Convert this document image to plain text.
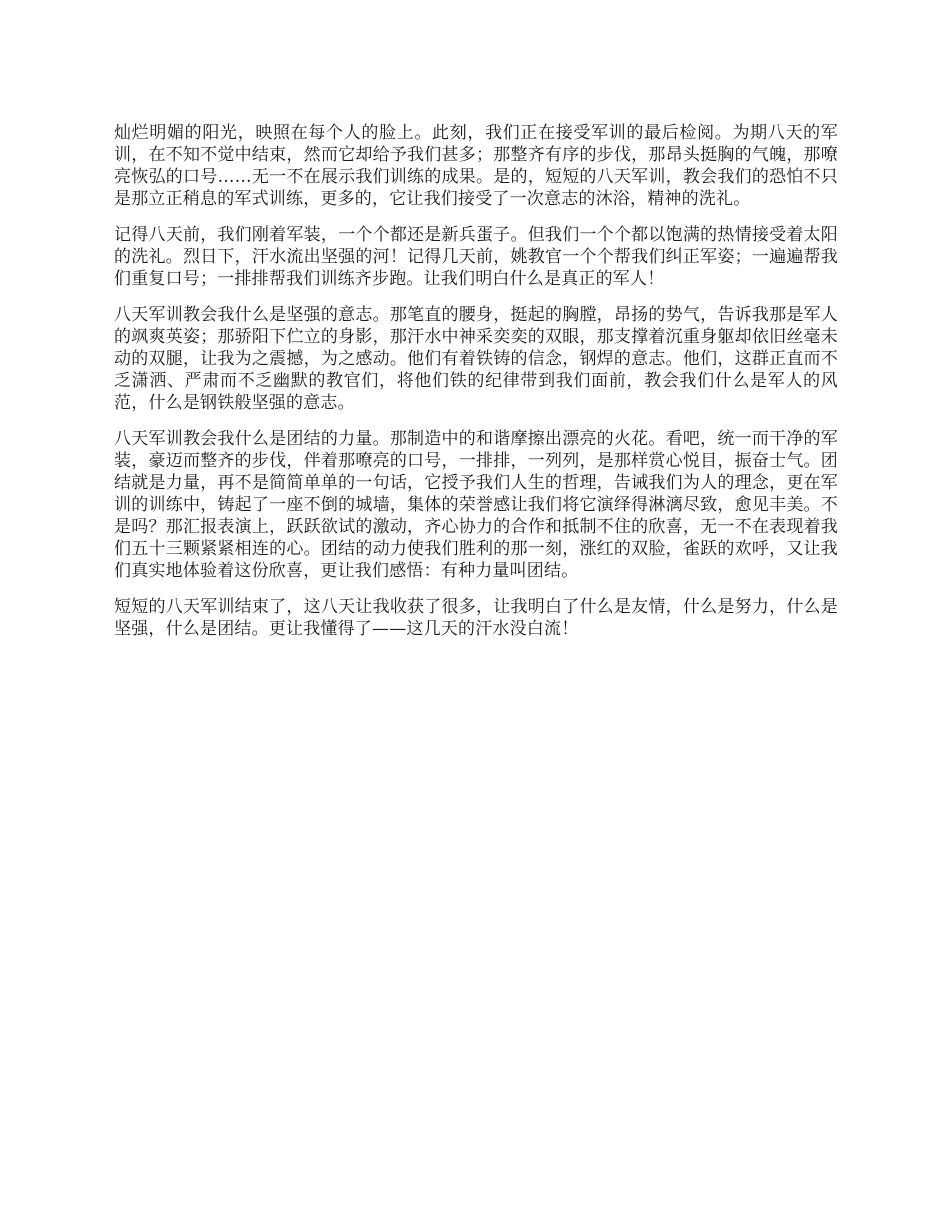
灿烂明媚的阳光，映照在每个人的脸上。此刻，我们正在接受军训的最后检阅。为期八天的军训，在不知不觉中结束，然而它却给予我们甚多；那整齐有序的步伐，那昂头挺胸的气魄，那嘹亮恢弘的口号……无一不在展示我们训练的成果。是的，短短的八天军训，教会我们的恐怕不只是那立正稍息的军式训练，更多的，它让我们接受了一次意志的沐浴，精神的洗礼。

记得八天前，我们刚着军装，一个个都还是新兵蛋子。但我们一个个都以饱满的热情接受着太阳的洗礼。烈日下，汗水流出坚强的河！记得几天前，姚教官一个个帮我们纠正军姿；一遍遍帮我们重复口号；一排排帮我们训练齐步跑。让我们明白什么是真正的军人！

八天军训教会我什么是坚强的意志。那笔直的腰身，挺起的胸膛，昂扬的势气，告诉我那是军人的飒爽英姿；那骄阳下伫立的身影，那汗水中神采奕奕的双眼，那支撑着沉重身躯却依旧丝毫未动的双腿，让我为之震撼，为之感动。他们有着铁铸的信念，钢焊的意志。他们，这群正直而不乏潇洒、严肃而不乏幽默的教官们，将他们铁的纪律带到我们面前，教会我们什么是军人的风范，什么是钢铁般坚强的意志。

八天军训教会我什么是团结的力量。那制造中的和谐摩擦出漂亮的火花。看吧，统一而干净的军装，豪迈而整齐的步伐，伴着那嘹亮的口号，一排排，一列列，是那样赏心悦目，振奋士气。团结就是力量，再不是简简单单的一句话，它授予我们人生的哲理，告诫我们为人的理念，更在军训的训练中，铸起了一座不倒的城墙，集体的荣誉感让我们将它演绎得淋漓尽致，愈见丰美。不是吗？那汇报表演上，跃跃欲试的激动，齐心协力的合作和抵制不住的欣喜，无一不在表现着我们五十三颗紧紧相连的心。团结的动力使我们胜利的那一刻，涨红的双脸，雀跃的欢呼，又让我们真实地体验着这份欣喜，更让我们感悟：有种力量叫团结。

短短的八天军训结束了，这八天让我收获了很多，让我明白了什么是友情，什么是努力，什么是坚强，什么是团结。更让我懂得了——这几天的汗水没白流！
